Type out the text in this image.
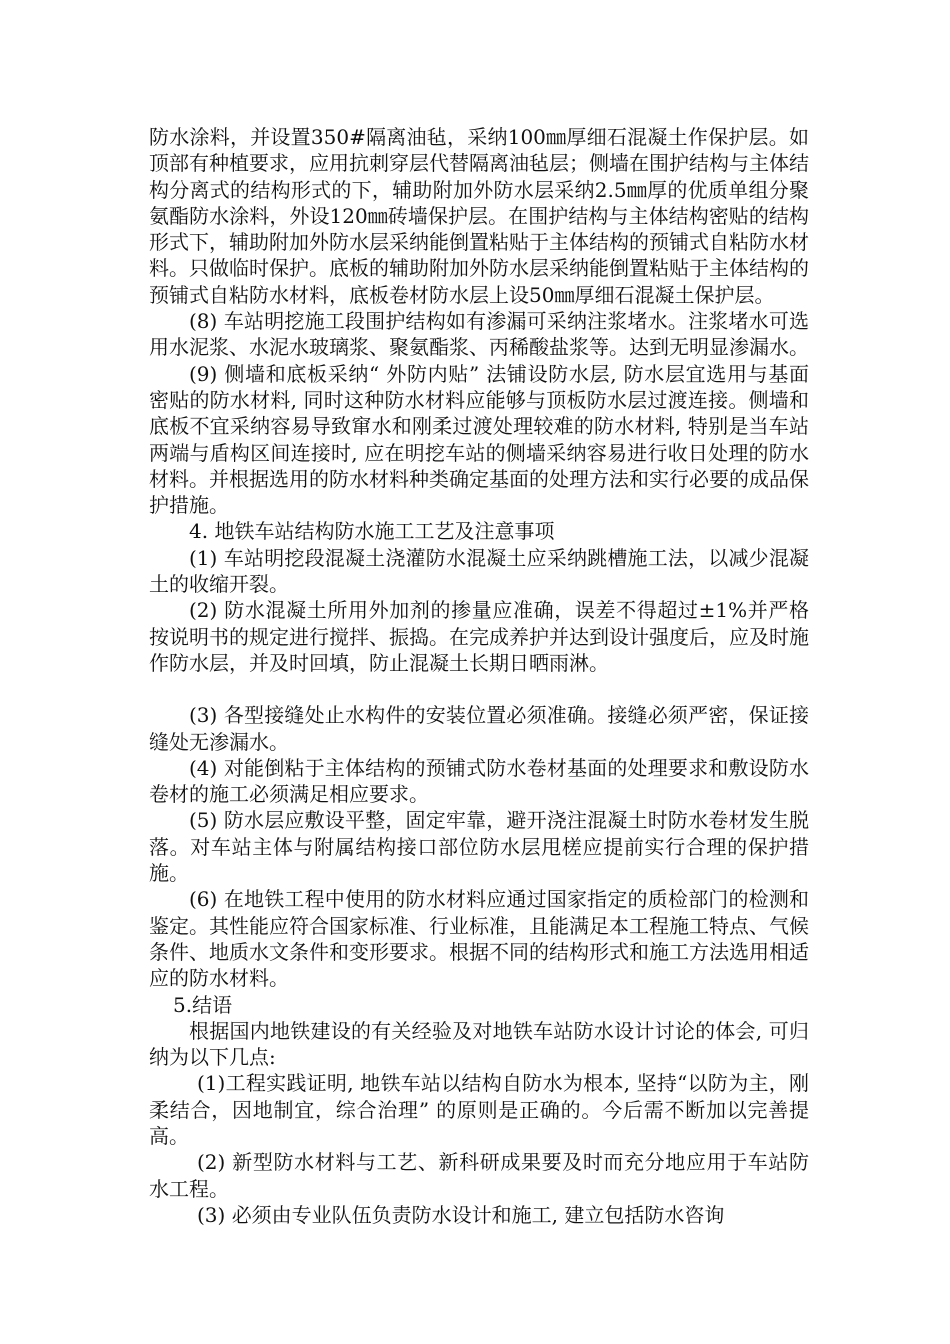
防水涂料，并设置350#隔离油毡，采纳100㎜厚细石混凝土作保护层。如顶部有种植要求，应用抗刺穿层代替隔离油毡层；侧墙在围护结构与主体结构分离式的结构形式的下，辅助附加外防水层采纳2.5㎜厚的优质单组分聚氨酯防水涂料，外设120㎜砖墙保护层。在围护结构与主体结构密贴的结构形式下，辅助附加外防水层采纳能倒置粘贴于主体结构的预铺式自粘防水材料。只做临时保护。底板的辅助附加外防水层采纳能倒置粘贴于主体结构的预铺式自粘防水材料，底板卷材防水层上设50㎜厚细石混凝土保护层。

(8) 车站明挖施工段围护结构如有渗漏可采纳注浆堵水。注浆堵水可选用水泥浆、水泥水玻璃浆、聚氨酯浆、丙稀酸盐浆等。达到无明显渗漏水。

(9) 侧墙和底板采纳“ 外防内贴” 法铺设防水层, 防水层宜选用与基面密贴的防水材料, 同时这种防水材料应能够与顶板防水层过渡连接。侧墙和底板不宜采纳容易导致窜水和刚柔过渡处理较难的防水材料, 特别是当车站两端与盾构区间连接时, 应在明挖车站的侧墙采纳容易进行收日处理的防水材料。并根据选用的防水材料种类确定基面的处理方法和实行必要的成品保护措施。

4. 地铁车站结构防水施工工艺及注意事项

(1) 车站明挖段混凝土浇灌防水混凝土应采纳跳槽施工法，以减少混凝土的收缩开裂。

(2) 防水混凝土所用外加剂的掺量应准确，误差不得超过±1%并严格按说明书的规定进行搅拌、振捣。在完成养护并达到设计强度后，应及时施作防水层，并及时回填，防止混凝土长期日晒雨淋。

(3) 各型接缝处止水构件的安装位置必须准确。接缝必须严密，保证接缝处无渗漏水。

(4) 对能倒粘于主体结构的预铺式防水卷材基面的处理要求和敷设防水卷材的施工必须满足相应要求。

(5) 防水层应敷设平整，固定牢靠，避开浇注混凝土时防水卷材发生脱落。对车站主体与附属结构接口部位防水层甩槎应提前实行合理的保护措施。

(6) 在地铁工程中使用的防水材料应通过国家指定的质检部门的检测和鉴定。其性能应符合国家标准、行业标准，且能满足本工程施工特点、气候条件、地质水文条件和变形要求。根据不同的结构形式和施工方法选用相适应的防水材料。

5.结语

根据国内地铁建设的有关经验及对地铁车站防水设计讨论的体会, 可归纳为以下几点:

(1)工程实践证明, 地铁车站以结构自防水为根本, 坚持“以防为主，刚柔结合，因地制宜，综合治理” 的原则是正确的。今后需不断加以完善提高。

(2) 新型防水材料与工艺、新科研成果要及时而充分地应用于车站防水工程。

(3) 必须由专业队伍负责防水设计和施工, 建立包括防水咨询
